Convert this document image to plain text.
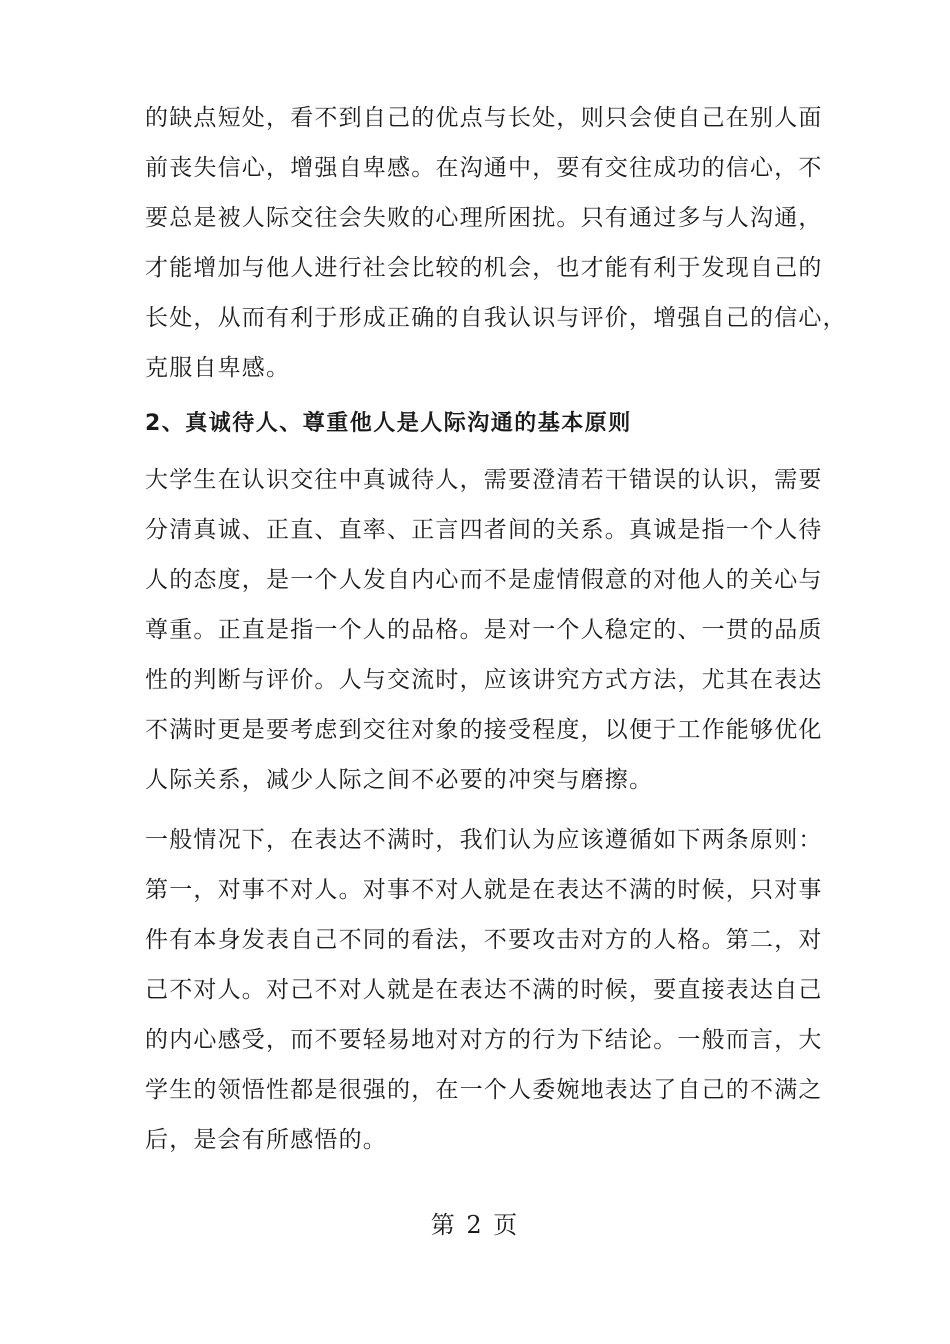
的缺点短处，看不到自己的优点与长处，则只会使自己在别人面
前丧失信心，增强自卑感。在沟通中，要有交往成功的信心，不
要总是被人际交往会失败的心理所困扰。只有通过多与人沟通，
才能增加与他人进行社会比较的机会，也才能有利于发现自己的
长处，从而有利于形成正确的自我认识与评价，增强自己的信心，
克服自卑感。
2、真诚待人、尊重他人是人际沟通的基本原则
大学生在认识交往中真诚待人，需要澄清若干错误的认识，需要
分清真诚、正直、直率、正言四者间的关系。真诚是指一个人待
人的态度，是一个人发自内心而不是虚情假意的对他人的关心与
尊重。正直是指一个人的品格。是对一个人稳定的、一贯的品质
性的判断与评价。人与交流时，应该讲究方式方法，尤其在表达
不满时更是要考虑到交往对象的接受程度，以便于工作能够优化
人际关系，减少人际之间不必要的冲突与磨擦。
一般情况下，在表达不满时，我们认为应该遵循如下两条原则：
第一，对事不对人。对事不对人就是在表达不满的时候，只对事
件有本身发表自己不同的看法，不要攻击对方的人格。第二，对
己不对人。对己不对人就是在表达不满的时候，要直接表达自己
的内心感受，而不要轻易地对对方的行为下结论。一般而言，大
学生的领悟性都是很强的，在一个人委婉地表达了自己的不满之
后，是会有所感悟的。
第 2 页
